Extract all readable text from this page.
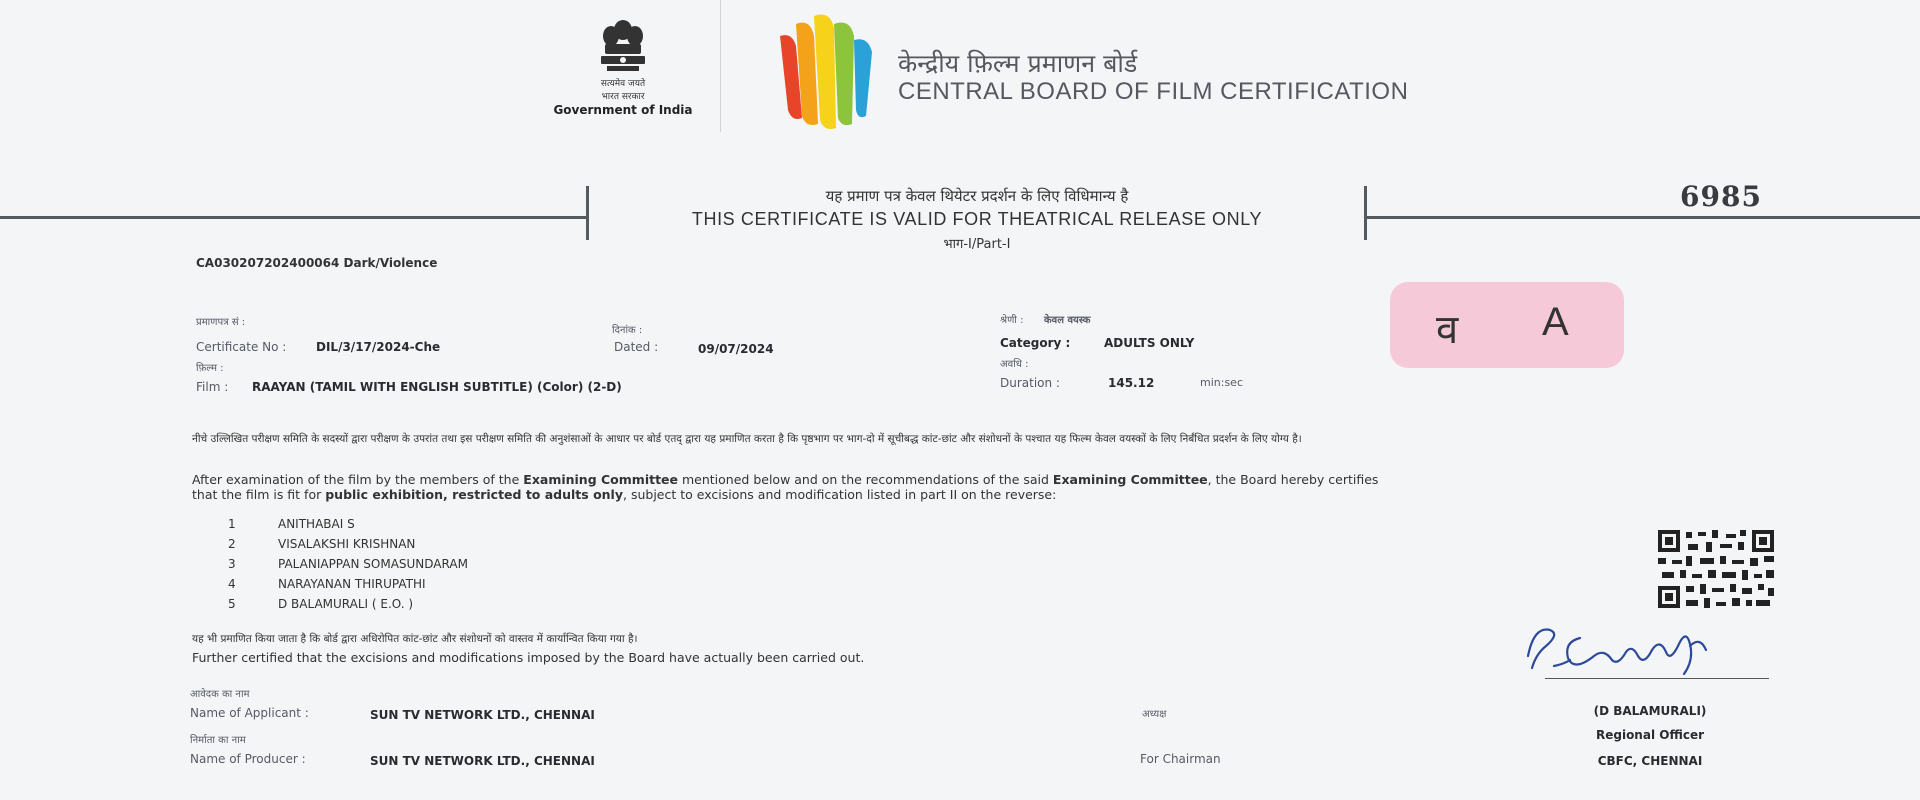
सत्यमेव जयते
भारत सरकार
Government of India
केन्द्रीय फ़िल्म प्रमाणन बोर्ड
CENTRAL BOARD OF FILM CERTIFICATION
यह प्रमाण पत्र केवल थियेटर प्रदर्शन के लिए विधिमान्य है
THIS CERTIFICATE IS VALID FOR THEATRICAL RELEASE ONLY
भाग-I/Part-I
6985
CA030207202400064 Dark/Violence
प्रमाणपत्र सं :
Certificate No : DIL/3/17/2024-Che
दिनांक :
Dated :	09/07/2024
फ़िल्म :
Film : RAAYAN (TAMIL WITH ENGLISH SUBTITLE) (Color) (2-D)
श्रेणी : केवल वयस्क
Category :	ADULTS ONLY
अवधि :
Duration :	145.12	min:sec
व A
नीचे उल्लिखित परीक्षण समिति के सदस्यों द्वारा परीक्षण के उपरांत तथा इस परीक्षण समिति की अनुशंसाओं के आधार पर बोर्ड एतद् द्वारा यह प्रमाणित करता है कि पृष्ठभाग पर भाग-दो में सूचीबद्ध कांट-छांट और संशोधनों के पश्चात यह फिल्म केवल वयस्कों के लिए निर्बंधित प्रदर्शन के लिए योग्य है।
After examination of the film by the members of the Examining Committee mentioned below and on the recommendations of the said Examining Committee, the Board hereby certifies
that the film is fit for public exhibition, restricted to adults only, subject to excisions and modification listed in part II on the reverse:
1	ANITHABAI S
2	VISALAKSHI KRISHNAN
3	PALANIAPPAN SOMASUNDARAM
4	NARAYANAN THIRUPATHI
5	D BALAMURALI ( E.O. )
यह भी प्रमाणित किया जाता है कि बोर्ड द्वारा अधिरोपित कांट-छांट और संशोधनों को वास्तव में कार्यान्वित किया गया है।
Further certified that the excisions and modifications imposed by the Board have actually been carried out.
आवेदक का नाम
Name of Applicant :	SUN TV NETWORK LTD., CHENNAI
निर्माता का नाम
Name of Producer :	SUN TV NETWORK LTD., CHENNAI
अध्यक्ष
For Chairman
(D BALAMURALI)
Regional Officer
CBFC, CHENNAI
